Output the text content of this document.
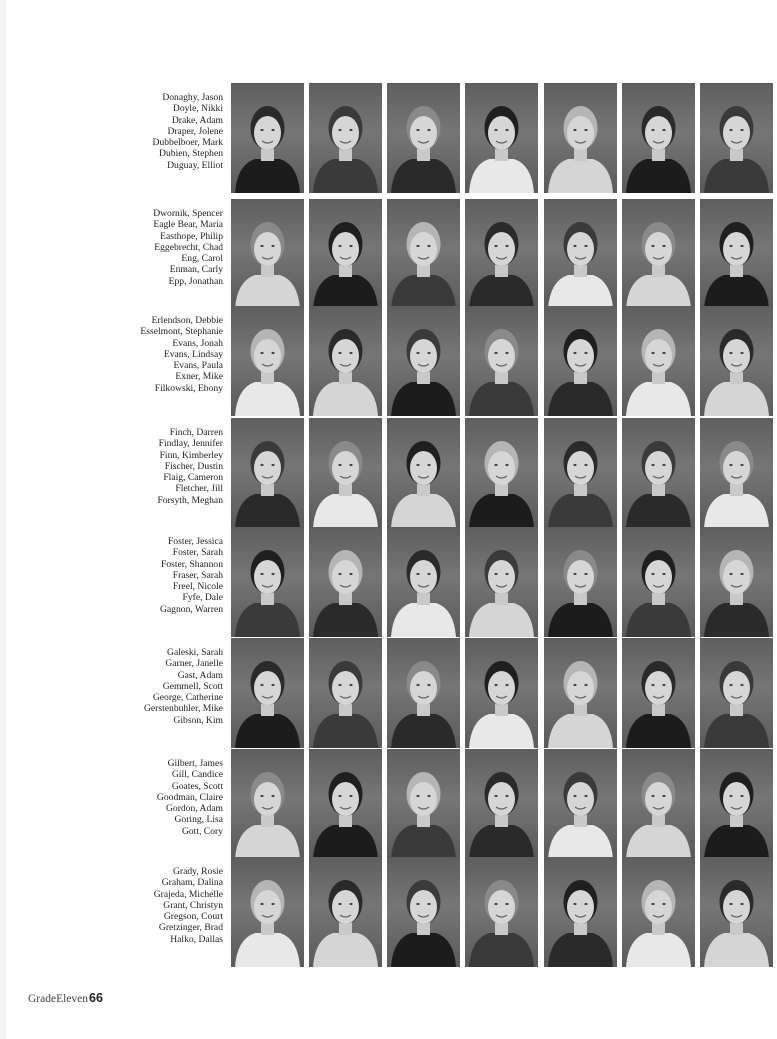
Donaghy, Jason
Doyle, Nikki
Drake, Adam
Draper, Jolene
Dubbelboer, Mark
Dubien, Stephen
Duguay, Elliot
Dwornik, Spencer
Eagle Bear, Maria
Easthope, Philip
Eggebrecht, Chad
Eng, Carol
Enman, Carly
Epp, Jonathan
Erlendson, Debbie
Esselmont, Stephanie
Evans, Jonah
Evans, Lindsay
Evans, Paula
Exner, Mike
Filkowski, Ebony
Finch, Darren
Findlay, Jennifer
Finn, Kimberley
Fischer, Dustin
Flaig, Cameron
Fletcher, Jill
Forsyth, Meghan
Foster, Jessica
Foster, Sarah
Foster, Shannon
Fraser, Sarah
Freel, Nicole
Fyfe, Dale
Gagnon, Warren
Galeski, Sarah
Garner, Janelle
Gast, Adam
Gemmell, Scott
George, Catherine
Gerstenbuhler, Mike
Gibson, Kim
Gilbert, James
Gill, Candice
Goates, Scott
Goodman, Claire
Gordon, Adam
Goring, Lisa
Gott, Cory
Grady, Rosie
Graham, Dalina
Grajeda, Michelle
Grant, Christyn
Gregson, Court
Gretzinger, Brad
Halko, Dallas
GradeEleven66
